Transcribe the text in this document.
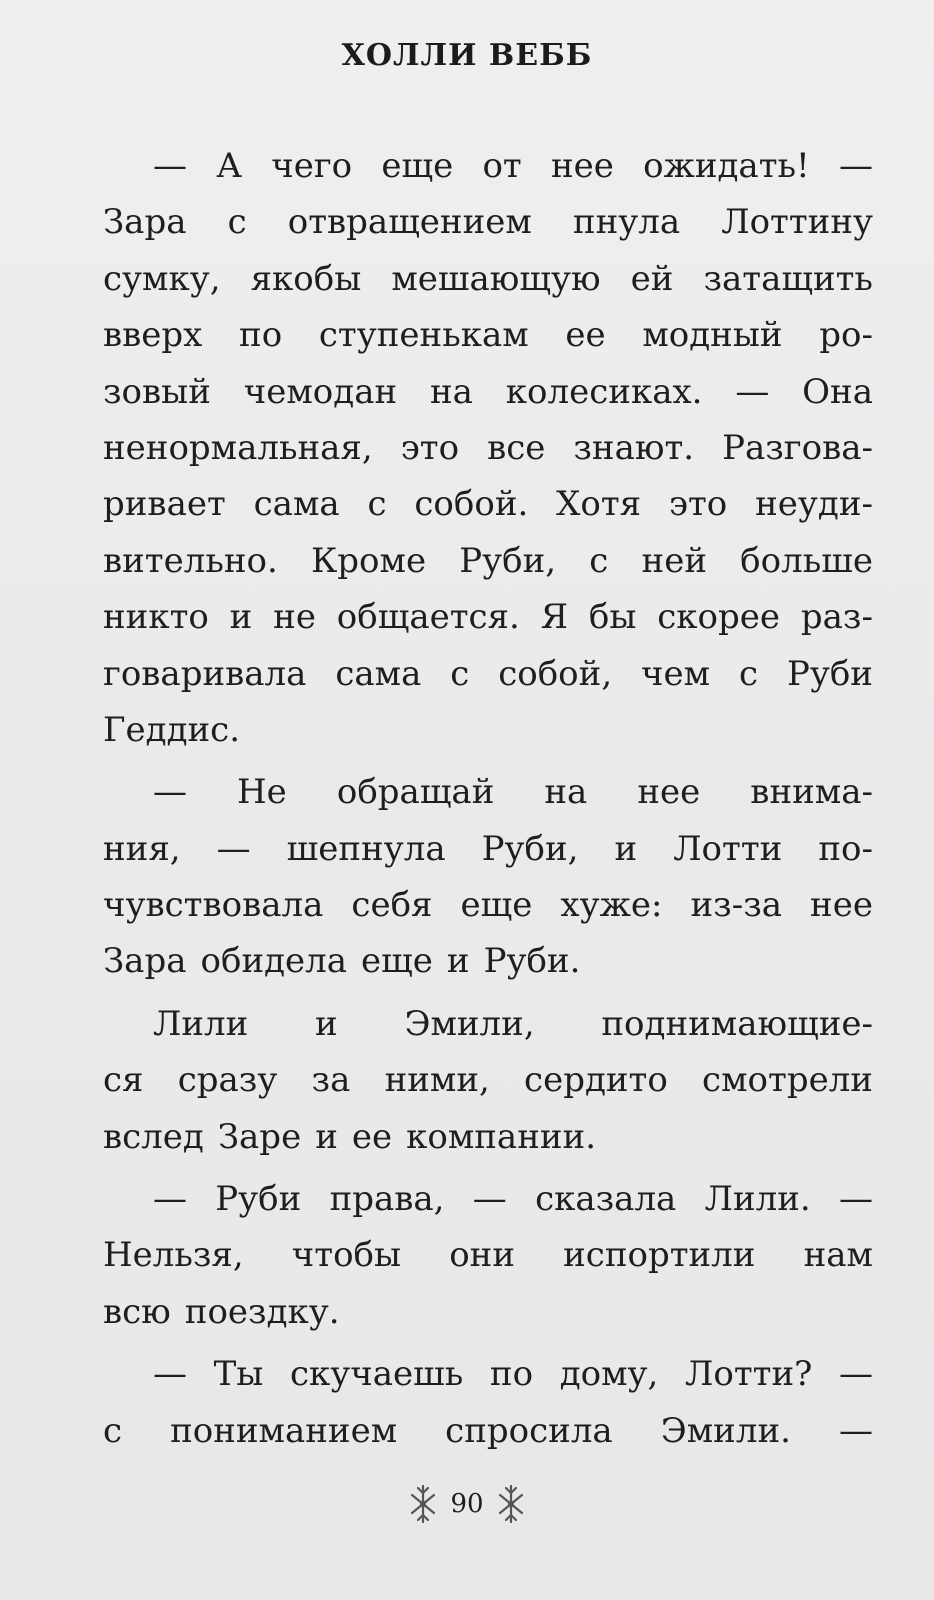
ХОЛЛИ ВЕББ
— А чего еще от нее ожидать! —
Зара с отвращением пнула Лоттину
сумку, якобы мешающую ей затащить
вверх по ступенькам ее модный ро-
зовый чемодан на колесиках. — Она
ненормальная, это все знают. Разгова-
ривает сама с собой. Хотя это неуди-
вительно. Кроме Руби, с ней больше
никто и не общается. Я бы скорее раз-
говаривала сама с собой, чем с Руби
Геддис.
— Не обращай на нее внима-
ния, — шепнула Руби, и Лотти по-
чувствовала себя еще хуже: из-за нее
Зара обидела еще и Руби.
Лили и Эмили, поднимающие-
ся сразу за ними, сердито смотрели
вслед Заре и ее компании.
— Руби права, — сказала Лили. —
Нельзя, чтобы они испортили нам
всю поездку.
— Ты скучаешь по дому, Лотти? —
с пониманием спросила Эмили. —
90
